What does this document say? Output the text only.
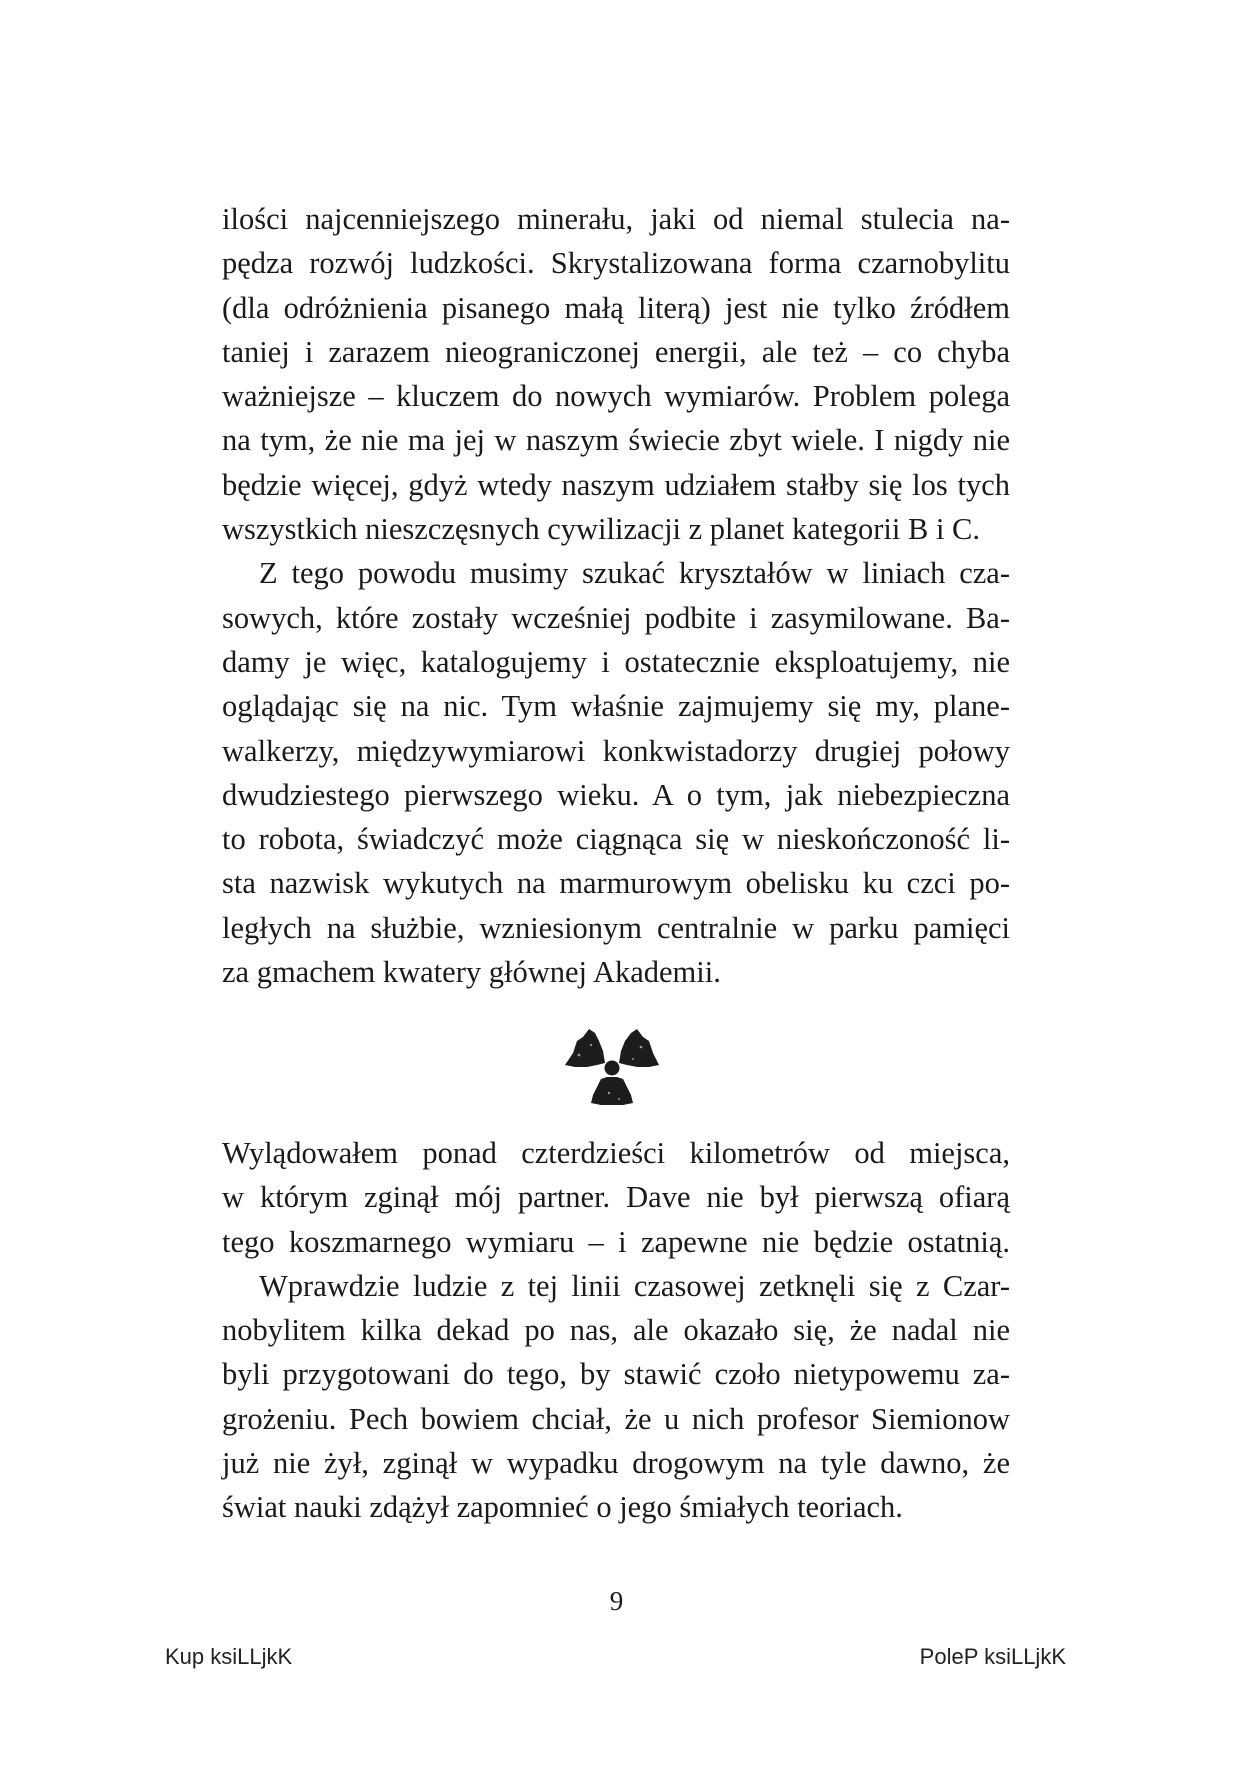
ilości najcenniejszego minerału, jaki od niemal stulecia na-
pędza rozwój ludzkości. Skrystalizowana forma czarnobylitu
(dla odróżnienia pisanego małą literą) jest nie tylko źródłem
taniej i zarazem nieograniczonej energii, ale też – co chyba
ważniejsze – kluczem do nowych wymiarów. Problem polega
na tym, że nie ma jej w naszym świecie zbyt wiele. I nigdy nie
będzie więcej, gdyż wtedy naszym udziałem stałby się los tych
wszystkich nieszczęsnych cywilizacji z planet kategorii B i C.
Z tego powodu musimy szukać kryształów w liniach cza-
sowych, które zostały wcześniej podbite i zasymilowane. Ba-
damy je więc, katalogujemy i ostatecznie eksploatujemy, nie
oglądając się na nic. Tym właśnie zajmujemy się my, plane-
walkerzy, międzywymiarowi konkwistadorzy drugiej połowy
dwudziestego pierwszego wieku. A o tym, jak niebezpieczna
to robota, świadczyć może ciągnąca się w nieskończoność li-
sta nazwisk wykutych na marmurowym obelisku ku czci po-
ległych na służbie, wzniesionym centralnie w parku pamięci
za gmachem kwatery głównej Akademii.
Wylądowałem ponad czterdzieści kilometrów od miejsca,
w którym zginął mój partner. Dave nie był pierwszą ofiarą
tego koszmarnego wymiaru – i zapewne nie będzie ostatnią.
Wprawdzie ludzie z tej linii czasowej zetknęli się z Czar-
nobylitem kilka dekad po nas, ale okazało się, że nadal nie
byli przygotowani do tego, by stawić czoło nietypowemu za-
grożeniu. Pech bowiem chciał, że u nich profesor Siemionow
już nie żył, zginął w wypadku drogowym na tyle dawno, że
świat nauki zdążył zapomnieć o jego śmiałych teoriach.
9
Kup ksiLLjkK	PoleP ksiLLjkK
